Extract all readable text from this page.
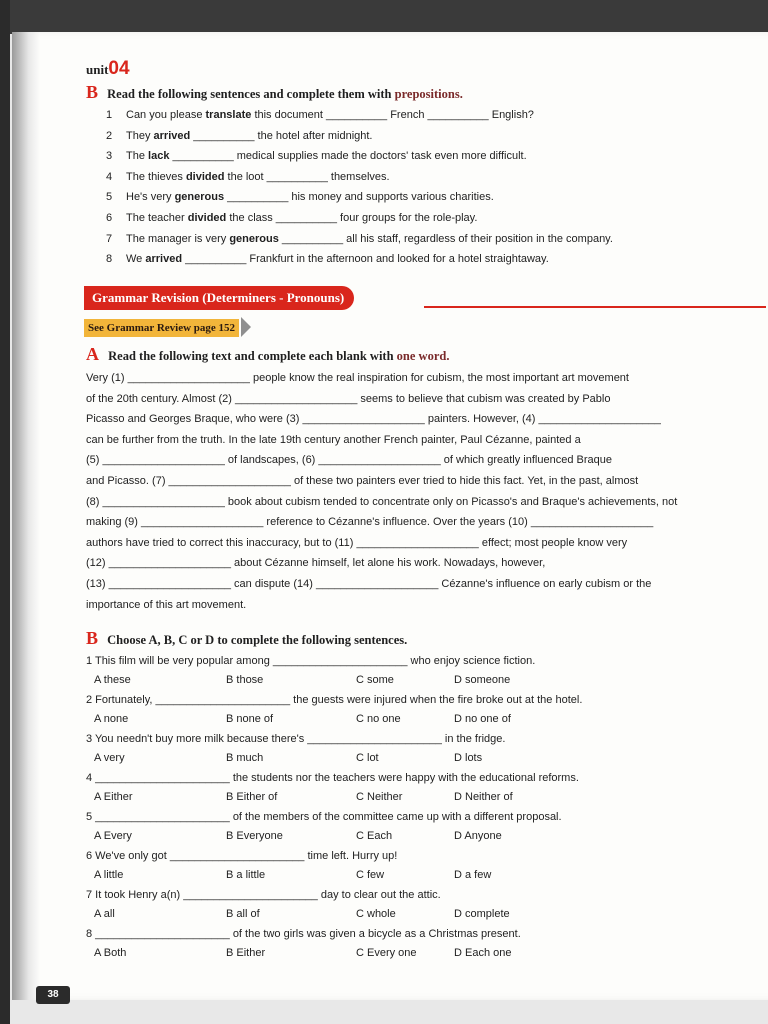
unit04
B Read the following sentences and complete them with prepositions.
1 Can you please translate this document __________ French __________ English?
2 They arrived __________ the hotel after midnight.
3 The lack __________ medical supplies made the doctors' task even more difficult.
4 The thieves divided the loot __________ themselves.
5 He's very generous __________ his money and supports various charities.
6 The teacher divided the class __________ four groups for the role-play.
7 The manager is very generous __________ all his staff, regardless of their position in the company.
8 We arrived __________ Frankfurt in the afternoon and looked for a hotel straightaway.
Grammar Revision (Determiners - Pronouns)
See Grammar Review page 152
A Read the following text and complete each blank with one word.
Very (1) ____________________ people know the real inspiration for cubism, the most important art movement
of the 20th century. Almost (2) ____________________ seems to believe that cubism was created by Pablo
Picasso and Georges Braque, who were (3) ____________________ painters. However, (4) ____________________
can be further from the truth. In the late 19th century another French painter, Paul Cézanne, painted a
(5) ____________________ of landscapes, (6) ____________________ of which greatly influenced Braque
and Picasso. (7) ____________________ of these two painters ever tried to hide this fact. Yet, in the past, almost
(8) ____________________ book about cubism tended to concentrate only on Picasso's and Braque's achievements, not
making (9) ____________________ reference to Cézanne's influence. Over the years (10) ____________________
authors have tried to correct this inaccuracy, but to (11) ____________________ effect; most people know very
(12) ____________________ about Cézanne himself, let alone his work. Nowadays, however,
(13) ____________________ can dispute (14) ____________________ Cézanne's influence on early cubism or the
importance of this art movement.
B Choose A, B, C or D to complete the following sentences.
1 This film will be very popular among ______________________ who enjoy science fiction.
A these	B those	C some	D someone
2 Fortunately, ______________________ the guests were injured when the fire broke out at the hotel.
A none	B none of	C no one	D no one of
3 You needn't buy more milk because there's ______________________ in the fridge.
A very	B much	C lot	D lots
4 ______________________ the students nor the teachers were happy with the educational reforms.
A Either	B Either of	C Neither	D Neither of
5 ______________________ of the members of the committee came up with a different proposal.
A Every	B Everyone	C Each	D Anyone
6 We've only got ______________________ time left. Hurry up!
A little	B a little	C few	D a few
7 It took Henry a(n) ______________________ day to clear out the attic.
A all	B all of	C whole	D complete
8 ______________________ of the two girls was given a bicycle as a Christmas present.
A Both	B Either	C Every one	D Each one
38
